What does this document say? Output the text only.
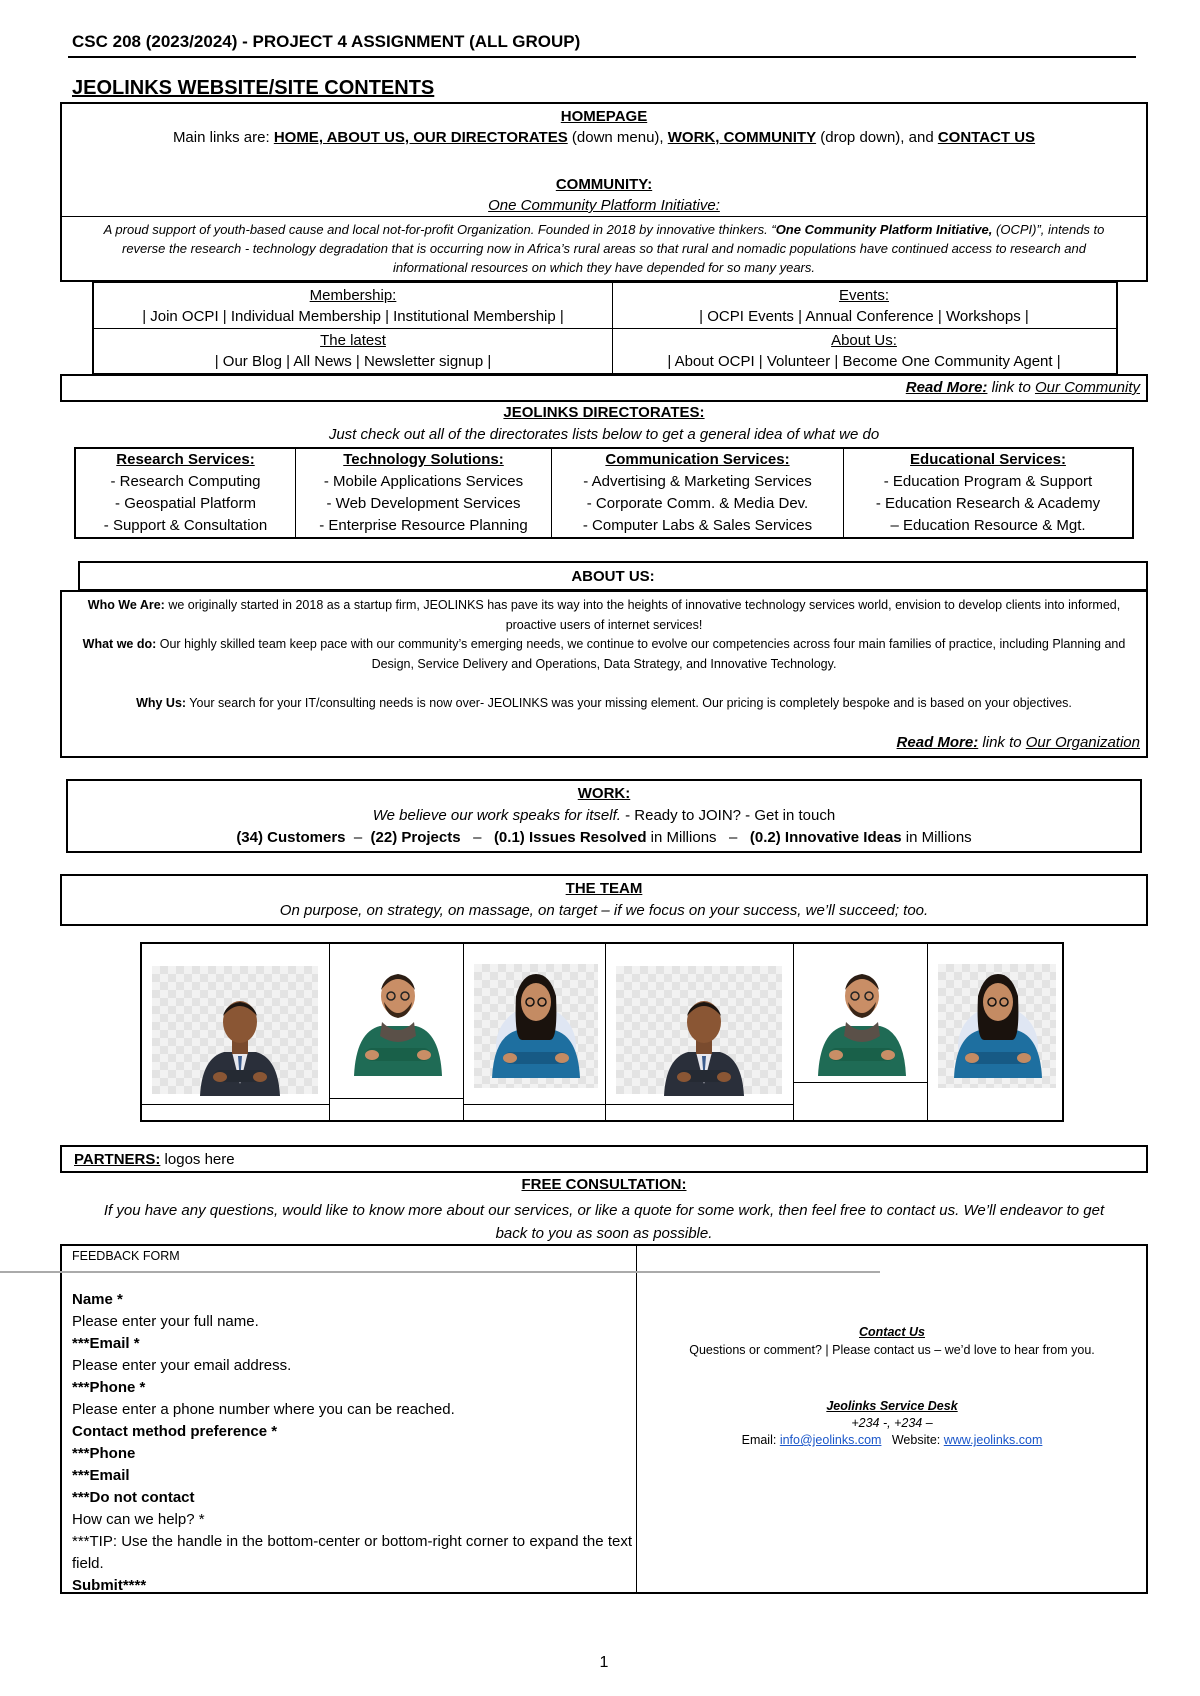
CSC 208 (2023/2024) - PROJECT 4 ASSIGNMENT (ALL GROUP)
JEOLINKS WEBSITE/SITE CONTENTS
HOMEPAGE
Main links are: HOME, ABOUT US, OUR DIRECTORATES (down menu), WORK, COMMUNITY (drop down), and CONTACT US
COMMUNITY:
One Community Platform Initiative:
A proud support of youth-based cause and local not-for-profit Organization. Founded in 2018 by innovative thinkers. “One Community Platform Initiative, (OCPI)”, intends to reverse the research - technology degradation that is occurring now in Africa’s rural areas so that rural and nomadic populations have continued access to research and informational resources on which they have depended for so many years.
Membership:
| Join OCPI | Individual Membership | Institutional Membership |
Events:
| OCPI Events | Annual Conference | Workshops |
The latest
| Our Blog | All News | Newsletter signup |
About Us:
| About OCPI | Volunteer | Become One Community Agent |
Read More: link to Our Community
JEOLINKS DIRECTORATES:
Just check out all of the directorates lists below to get a general idea of what we do
Research Services:
- Research Computing
- Geospatial Platform
- Support & Consultation
Technology Solutions:
- Mobile Applications Services
- Web Development Services
- Enterprise Resource Planning
Communication Services:
- Advertising & Marketing Services
- Corporate Comm. & Media Dev.
- Computer Labs & Sales Services
Educational Services:
- Education Program & Support
- Education Research & Academy
– Education Resource & Mgt.
ABOUT US:
Who We Are: we originally started in 2018 as a startup firm, JEOLINKS has pave its way into the heights of innovative technology services world, envision to develop clients into informed, proactive users of internet services!
What we do: Our highly skilled team keep pace with our community’s emerging needs, we continue to evolve our competencies across four main families of practice, including Planning and Design, Service Delivery and Operations, Data Strategy, and Innovative Technology.
Why Us: Your search for your IT/consulting needs is now over- JEOLINKS was your missing element. Our pricing is completely bespoke and is based on your objectives.
Read More: link to Our Organization
WORK:
We believe our work speaks for itself. - Ready to JOIN? - Get in touch
(34) Customers  –  (22) Projects   –   (0.1) Issues Resolved in Millions   –   (0.2) Innovative Ideas in Millions
THE TEAM
On purpose, on strategy, on massage, on target – if we focus on your success, we’ll succeed; too.
PARTNERS: logos here
FREE CONSULTATION:
If you have any questions, would like to know more about our services, or like a quote for some work, then feel free to contact us. We’ll endeavor to get back to you as soon as possible.
FEEDBACK FORM
Name *
Please enter your full name.
***Email *
Please enter your email address.
***Phone *
Please enter a phone number where you can be reached.
Contact method preference *
***Phone
***Email
***Do not contact
How can we help? *
***TIP: Use the handle in the bottom-center or bottom-right corner to expand the text field.
Submit****
Contact Us
Questions or comment? | Please contact us – we’d love to hear from you.
Jeolinks Service Desk
+234 -, +234 –
Email: info@jeolinks.com Website: www.jeolinks.com
1
